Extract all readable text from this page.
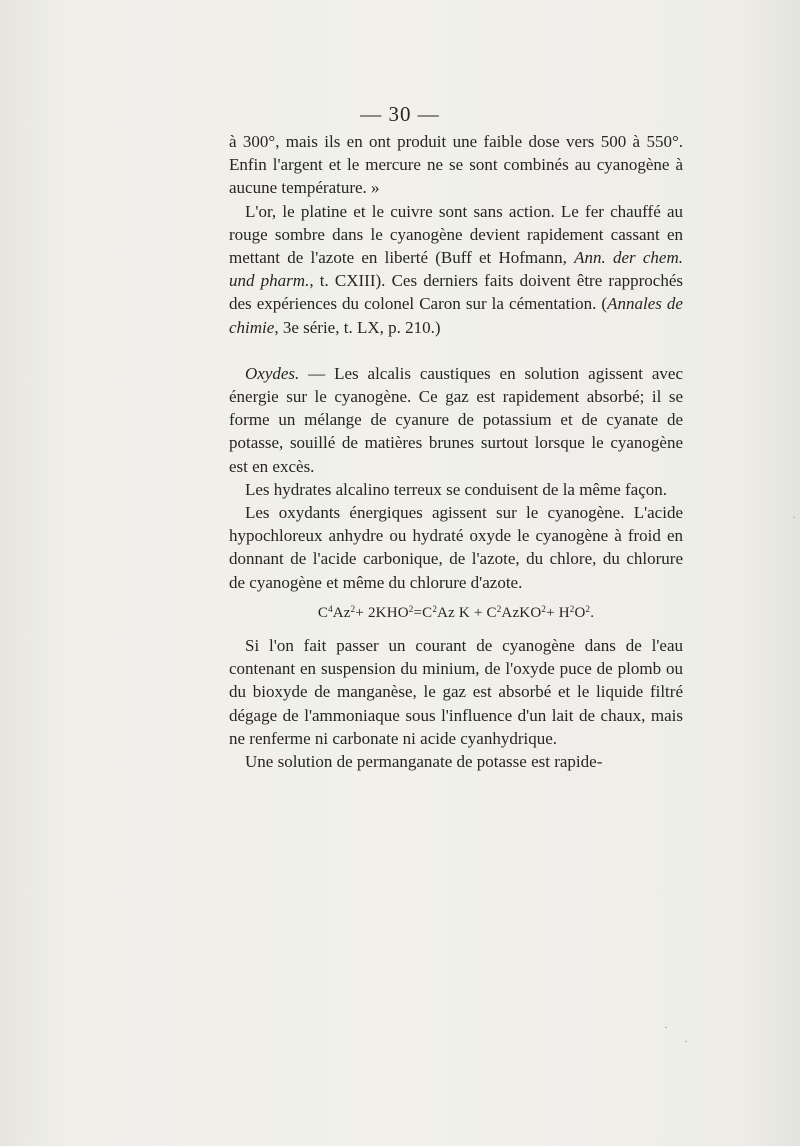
— 30 —

à 300°, mais ils en ont produit une faible dose vers 500 à 550°. Enfin l'argent et le mercure ne se sont combinés au cyanogène à aucune température. »

L'or, le platine et le cuivre sont sans action. Le fer chauffé au rouge sombre dans le cyanogène devient rapidement cassant en mettant de l'azote en liberté (Buff et Hofmann, Ann. der chem. und pharm., t. CXIII). Ces derniers faits doivent être rapprochés des expériences du colonel Caron sur la cémentation. (Annales de chimie, 3e série, t. LX, p. 210.)

Oxydes. — Les alcalis caustiques en solution agissent avec énergie sur le cyanogène. Ce gaz est rapidement absorbé; il se forme un mélange de cyanure de potassium et de cyanate de potasse, souillé de matières brunes surtout lorsque le cyanogène est en excès.

Les hydrates alcalino terreux se conduisent de la même façon.

Les oxydants énergiques agissent sur le cyanogène. L'acide hypochloreux anhydre ou hydraté oxyde le cyanogène à froid en donnant de l'acide carbonique, de l'azote, du chlore, du chlorure de cyanogène et même du chlorure d'azote.

$C^4Az^2+ 2KHO^2=C^2Az$ $K + C^2AzKO^2+ H^2O^2$.

Si l'on fait passer un courant de cyanogène dans de l'eau contenant en suspension du minium, de l'oxyde puce de plomb ou du bioxyde de manganèse, le gaz est absorbé et le liquide filtré dégage de l'ammoniaque sous l'influence d'un lait de chaux, mais ne renferme ni carbonate ni acide cyanhydrique.

Une solution de permanganate de potasse est rapide-

·
·
·
